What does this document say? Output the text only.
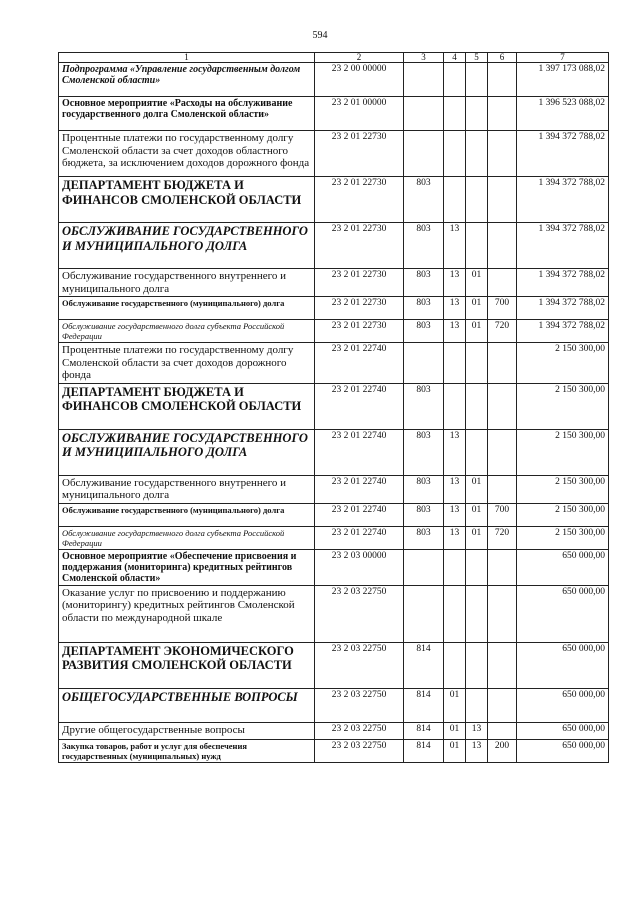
594
1	2	3	4	5	6	7
Подпрограмма «Управление государственным долгом Смоленской области»	23 2 00 00000					1 397 173 088,02
Основное мероприятие «Расходы на обслуживание государственного долга Смоленской области»	23 2 01 00000					1 396 523 088,02
Процентные платежи по государственному долгу Смоленской области за счет доходов областного бюджета, за исключением доходов дорожного фонда	23 2 01 22730					1 394 372 788,02
ДЕПАРТАМЕНТ БЮДЖЕТА И ФИНАНСОВ СМОЛЕНСКОЙ ОБЛАСТИ	23 2 01 22730	803				1 394 372 788,02
ОБСЛУЖИВАНИЕ ГОСУДАРСТВЕННОГО И МУНИЦИПАЛЬНОГО ДОЛГА	23 2 01 22730	803	13			1 394 372 788,02
Обслуживание государственного внутреннего и муниципального долга	23 2 01 22730	803	13	01		1 394 372 788,02
Обслуживание государственного (муниципального) долга	23 2 01 22730	803	13	01	700	1 394 372 788,02
Обслуживание государственного долга субъекта Российской Федерации	23 2 01 22730	803	13	01	720	1 394 372 788,02
Процентные платежи по государственному долгу Смоленской области за счет доходов дорожного фонда	23 2 01 22740					2 150 300,00
ДЕПАРТАМЕНТ БЮДЖЕТА И ФИНАНСОВ СМОЛЕНСКОЙ ОБЛАСТИ	23 2 01 22740	803				2 150 300,00
ОБСЛУЖИВАНИЕ ГОСУДАРСТВЕННОГО И МУНИЦИПАЛЬНОГО ДОЛГА	23 2 01 22740	803	13			2 150 300,00
Обслуживание государственного внутреннего и муниципального долга	23 2 01 22740	803	13	01		2 150 300,00
Обслуживание государственного (муниципального) долга	23 2 01 22740	803	13	01	700	2 150 300,00
Обслуживание государственного долга субъекта Российской Федерации	23 2 01 22740	803	13	01	720	2 150 300,00
Основное мероприятие «Обеспечение присвоения и поддержания (мониторинга) кредитных рейтингов Смоленской области»	23 2 03 00000					650 000,00
Оказание услуг по присвоению и поддержанию (мониторингу) кредитных рейтингов Смоленской области по международной шкале	23 2 03 22750					650 000,00
ДЕПАРТАМЕНТ ЭКОНОМИЧЕСКОГО РАЗВИТИЯ СМОЛЕНСКОЙ ОБЛАСТИ	23 2 03 22750	814				650 000,00
ОБЩЕГОСУДАРСТВЕННЫЕ ВОПРОСЫ	23 2 03 22750	814	01			650 000,00
Другие общегосударственные вопросы	23 2 03 22750	814	01	13		650 000,00
Закупка товаров, работ и услуг для обеспечения государственных (муниципальных) нужд	23 2 03 22750	814	01	13	200	650 000,00
